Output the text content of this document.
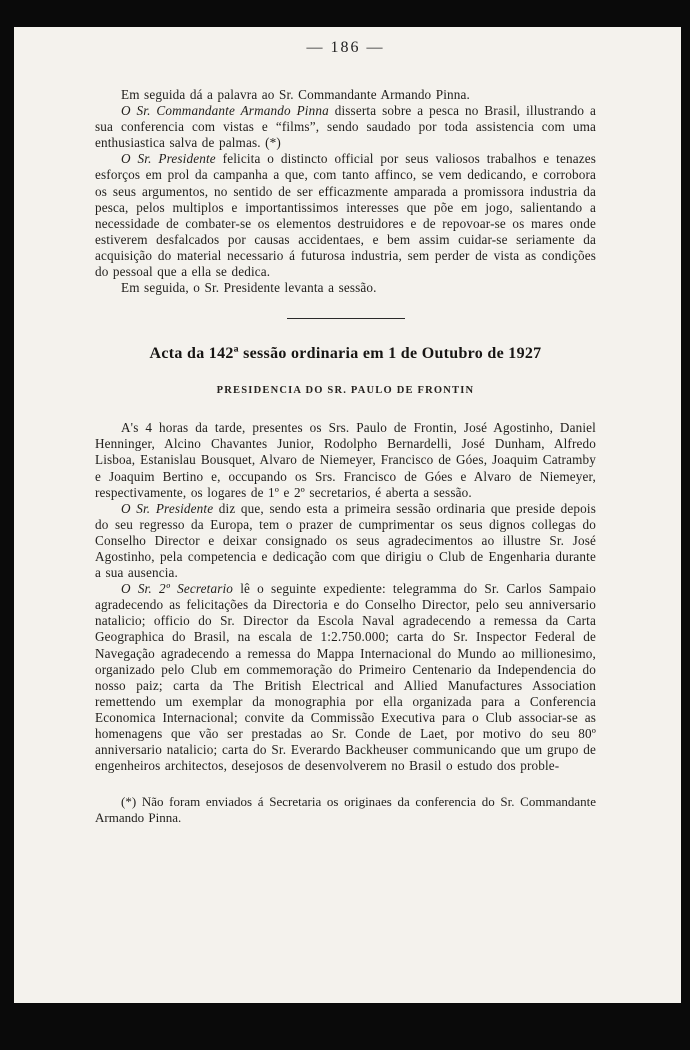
— 186 —

Em seguida dá a palavra ao Sr. Commandante Armando Pinna.

O Sr. Commandante Armando Pinna disserta sobre a pesca no Brasil, illustrando a sua conferencia com vistas e “films”, sendo saudado por toda assistencia com uma enthusiastica salva de palmas. (*)

O Sr. Presidente felicita o distincto official por seus valiosos trabalhos e tenazes esforços em prol da campanha a que, com tanto affinco, se vem dedicando, e corrobora os seus argumentos, no sentido de ser efficazmente amparada a promissora industria da pesca, pelos multiplos e importantissimos interesses que põe em jogo, salientando a necessidade de combater-se os elementos destruidores e de repovoar-se os mares onde estiverem desfalcados por causas accidentaes, e bem assim cuidar-se seriamente da acquisição do material necessario á futurosa industria, sem perder de vista as condições do pessoal que a ella se dedica.

Em seguida, o Sr. Presidente levanta a sessão.

Acta da 142ª sessão ordinaria em 1 de Outubro de 1927
PRESIDENCIA DO SR. PAULO DE FRONTIN

A's 4 horas da tarde, presentes os Srs. Paulo de Frontin, José Agostinho, Daniel Henninger, Alcino Chavantes Junior, Rodolpho Bernardelli, José Dunham, Alfredo Lisboa, Estanislau Bousquet, Alvaro de Niemeyer, Francisco de Góes, Joaquim Catramby e Joaquim Bertino e, occupando os Srs. Francisco de Góes e Alvaro de Niemeyer, respectivamente, os logares de 1º e 2º secretarios, é aberta a sessão.

O Sr. Presidente diz que, sendo esta a primeira sessão ordinaria que preside depois do seu regresso da Europa, tem o prazer de cumprimentar os seus dignos collegas do Conselho Director e deixar consignado os seus agradecimentos ao illustre Sr. José Agostinho, pela competencia e dedicação com que dirigiu o Club de Engenharia durante a sua ausencia.

O Sr. 2º Secretario lê o seguinte expediente: telegramma do Sr. Carlos Sampaio agradecendo as felicitações da Directoria e do Conselho Director, pelo seu anniversario natalicio; officio do Sr. Director da Escola Naval agradecendo a remessa da Carta Geographica do Brasil, na escala de 1:2.750.000; carta do Sr. Inspector Federal de Navegação agradecendo a remessa do Mappa Internacional do Mundo ao millionesimo, organizado pelo Club em commemoração do Primeiro Centenario da Independencia do nosso paiz; carta da The British Electrical and Allied Manufactures Association remettendo um exemplar da monographia por ella organizada para a Conferencia Economica Internacional; convite da Commissão Executiva para o Club associar-se as homenagens que vão ser prestadas ao Sr. Conde de Laet, por motivo do seu 80º anniversario natalicio; carta do Sr. Everardo Backheuser communicando que um grupo de engenheiros architectos, desejosos de desenvolverem no Brasil o estudo dos proble-

(*) Não foram enviados á Secretaria os originaes da conferencia do Sr. Commandante Armando Pinna.
